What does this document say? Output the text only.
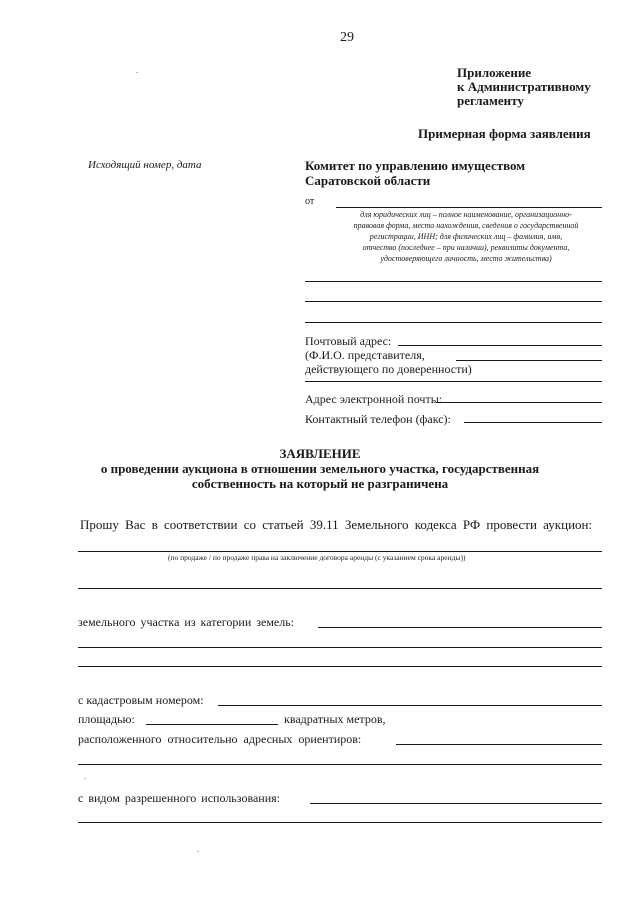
29
Приложение
к Административному
регламенту
Примерная форма заявления
Исходящий номер, дата	Комитет по управлению имуществом
Саратовской области
от
для юридических лиц – полное наименование, организационно-
правовая форма, место нахождения, сведения о государственной
регистрации, ИНН; для физических лиц – фамилия, имя,
отчество (последнее – при наличии), реквизиты документа,
удостоверяющего личность, место жительства)
Почтовый адрес:
(Ф.И.О. представителя,
действующего по доверенности)
Адрес электронной почты:
Контактный телефон (факс):
ЗАЯВЛЕНИЕ
о проведении аукциона в отношении земельного участка, государственная
собственность на который не разграничена
Прошу Вас в соответствии со статьей 39.11 Земельного кодекса РФ провести аукцион:
(по продаже / по продаже права на заключение договора аренды (с указанием срока аренды))
земельного участка из категории земель:
с кадастровым номером:
площадью:	квадратных метров,
расположенного относительно адресных ориентиров:
с видом разрешенного использования:
